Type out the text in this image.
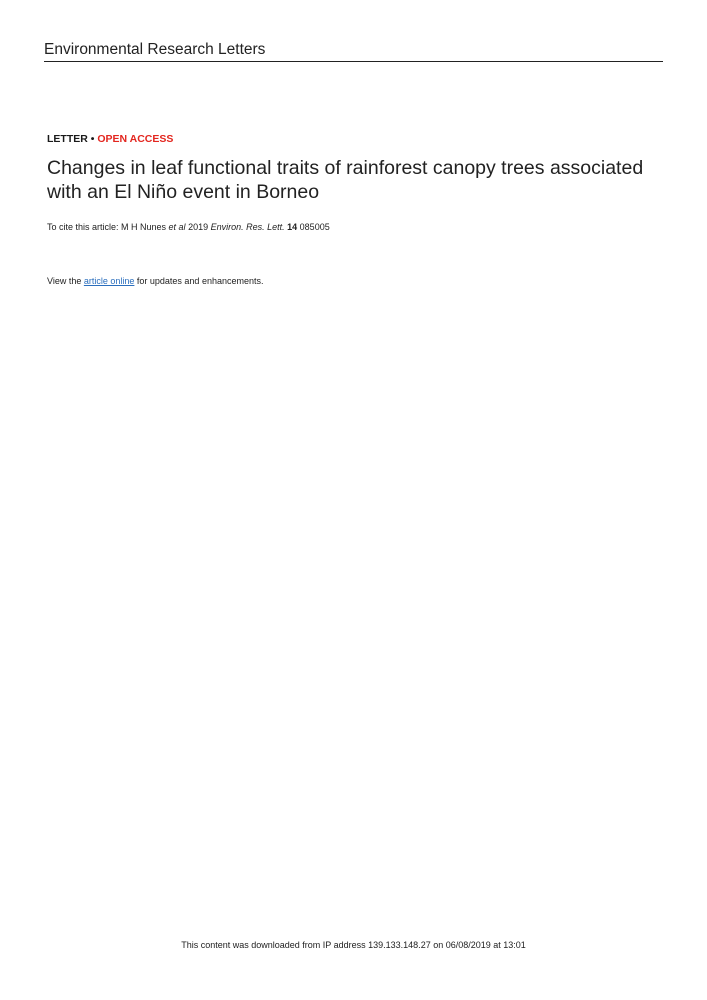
Environmental Research Letters
LETTER • OPEN ACCESS
Changes in leaf functional traits of rainforest canopy trees associated with an El Niño event in Borneo
To cite this article: M H Nunes et al 2019 Environ. Res. Lett. 14 085005
View the article online for updates and enhancements.
This content was downloaded from IP address 139.133.148.27 on 06/08/2019 at 13:01
